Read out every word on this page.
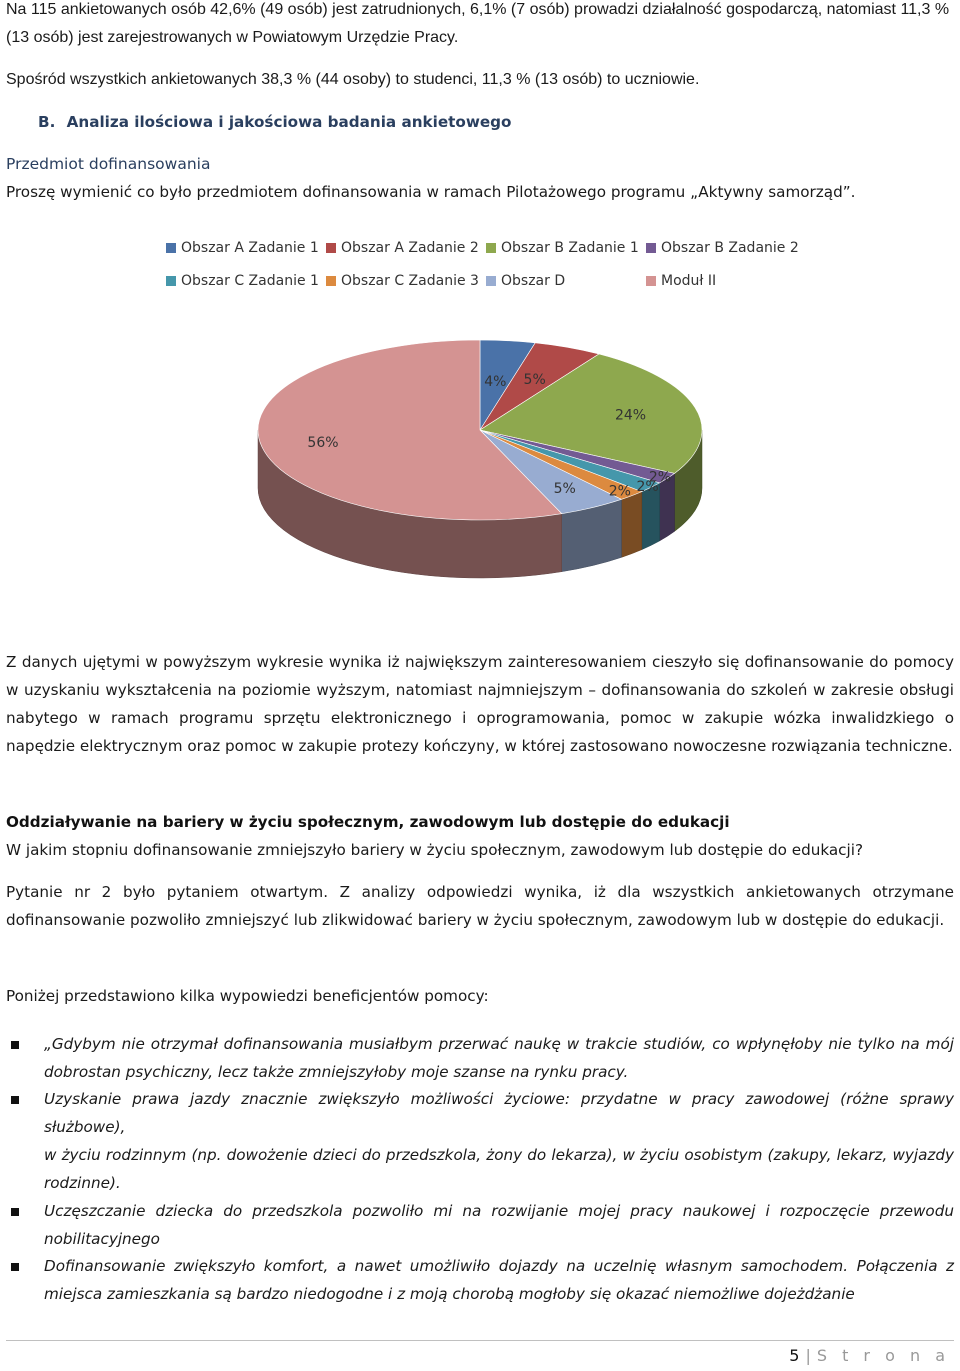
Na 115 ankietowanych osób 42,6% (49 osób) jest zatrudnionych, 6,1% (7 osób) prowadzi działalność gospodarczą, natomiast 11,3 % (13 osób) jest zarejestrowanych w Powiatowym Urzędzie Pracy.

Spośród wszystkich ankietowanych 38,3 % (44 osoby) to studenci, 11,3 % (13 osób) to uczniowie.

B. Analiza ilościowa i jakościowa badania ankietowego
Przedmiot dofinansowania
Proszę wymienić co było przedmiotem dofinansowania w ramach Pilotażowego programu „Aktywny samorząd”.
Obszar A Zadanie 1 Obszar A Zadanie 2 Obszar B Zadanie 1 Obszar B Zadanie 2
Obszar C Zadanie 1 Obszar C Zadanie 3 Obszar D	Moduł II
4% 5%
24%
2%
2%
2%
5%
56%

Z danych ujętymi w powyższym wykresie wynika iż największym zainteresowaniem cieszyło się dofinansowanie do pomocy w uzyskaniu wykształcenia na poziomie wyższym, natomiast najmniejszym – dofinansowania do szkoleń w zakresie obsługi nabytego w ramach programu sprzętu elektronicznego i oprogramowania, pomoc w zakupie wózka inwalidzkiego o napędzie elektrycznym oraz pomoc w zakupie protezy kończyny, w której zastosowano nowoczesne rozwiązania techniczne.

Oddziaływanie na bariery w życiu społecznym, zawodowym lub dostępie do edukacji
W jakim stopniu dofinansowanie zmniejszyło bariery w życiu społecznym, zawodowym lub dostępie do edukacji?

Pytanie nr 2 było pytaniem otwartym. Z analizy odpowiedzi wynika, iż dla wszystkich ankietowanych otrzymane dofinansowanie pozwoliło zmniejszyć lub zlikwidować bariery w życiu społecznym, zawodowym lub w dostępie do edukacji.

Poniżej przedstawiono kilka wypowiedzi beneficjentów pomocy:
„Gdybym nie otrzymał dofinansowania musiałbym przerwać naukę w trakcie studiów, co wpłynęłoby nie tylko na mój dobrostan psychiczny, lecz także zmniejszyłoby moje szanse na rynku pracy.
Uzyskanie prawa jazdy znacznie zwiększyło możliwości życiowe: przydatne w pracy zawodowej (różne sprawy służbowe),
w życiu rodzinnym (np. dowożenie dzieci do przedszkola, żony do lekarza), w życiu osobistym (zakupy, lekarz, wyjazdy rodzinne).
Uczęszczanie dziecka do przedszkola pozwoliło mi na rozwijanie mojej pracy naukowej i rozpoczęcie przewodu nobilitacyjnego
Dofinansowanie zwiększyło komfort, a nawet umożliwiło dojazdy na uczelnię własnym samochodem. Połączenia z miejsca zamieszkania są bardzo niedogodne i z moją chorobą mogłoby się okazać niemożliwe dojeżdżanie
5 | S t r o n a
